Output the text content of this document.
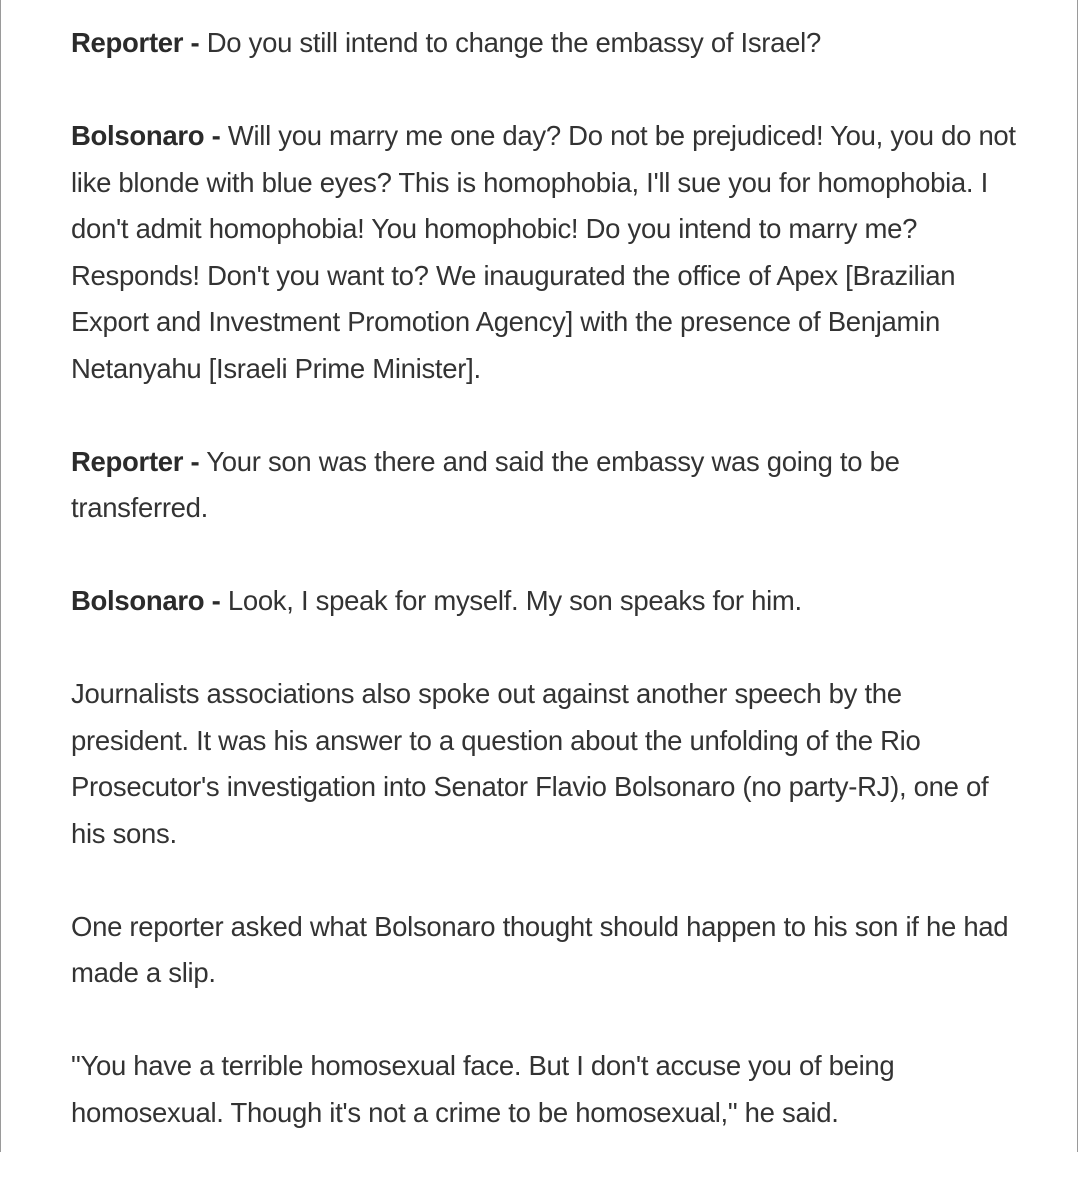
Reporter - Do you still intend to change the embassy of Israel?

Bolsonaro - Will you marry me one day? Do not be prejudiced! You, you do not like blonde with blue eyes? This is homophobia, I'll sue you for homophobia. I don't admit homophobia! You homophobic! Do you intend to marry me? Responds! Don't you want to? We inaugurated the office of Apex [Brazilian Export and Investment Promotion Agency] with the presence of Benjamin Netanyahu [Israeli Prime Minister].

Reporter - Your son was there and said the embassy was going to be transferred.

Bolsonaro - Look, I speak for myself. My son speaks for him.

Journalists associations also spoke out against another speech by the president. It was his answer to a question about the unfolding of the Rio Prosecutor's investigation into Senator Flavio Bolsonaro (no party-RJ), one of his sons.

One reporter asked what Bolsonaro thought should happen to his son if he had made a slip.

"You have a terrible homosexual face. But I don't accuse you of being homosexual. Though it's not a crime to be homosexual," he said.
